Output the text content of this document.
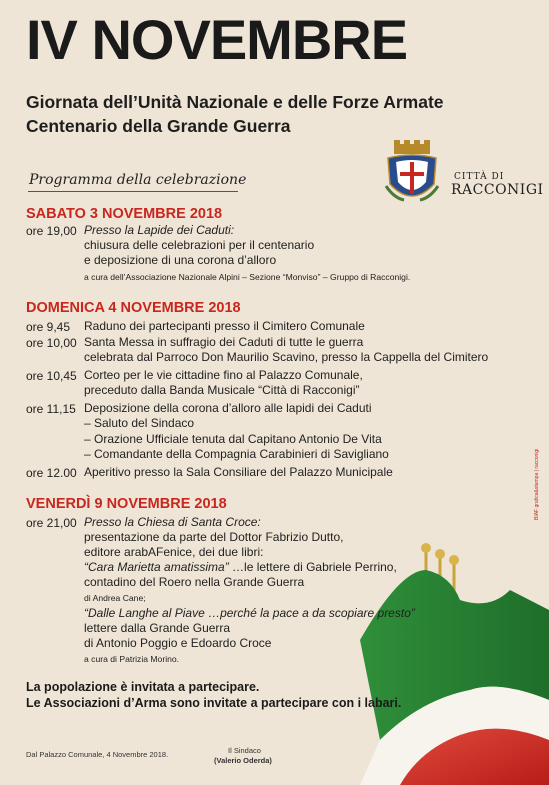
IV NOVEMBRE
Giornata dell’Unità Nazionale e delle Forze Armate
Centenario della Grande Guerra
Programma della celebrazione	CITTÀ DI
RACCONIGI
SABATO 3 NOVEMBRE 2018
ore 19,00 Presso la Lapide dei Caduti:
chiusura delle celebrazioni per il centenario
e deposizione di una corona d’alloro
a cura dell’Associazione Nazionale Alpini – Sezione “Monviso” – Gruppo di Racconigi.
DOMENICA 4 NOVEMBRE 2018
ore 9,45 Raduno dei partecipanti presso il Cimitero Comunale
ore 10,00 Santa Messa in suffragio dei Caduti di tutte le guerra
celebrata dal Parroco Don Maurilio Scavino, presso la Cappella del Cimitero
ore 10,45 Corteo per le vie cittadine fino al Palazzo Comunale,
preceduto dalla Banda Musicale “Città di Racconigi”
ore 11,15 Deposizione della corona d’alloro alle lapidi dei Caduti
– Saluto del Sindaco
– Orazione Ufficiale tenuta dal Capitano Antonio De Vita
– Comandante della Compagnia Carabinieri di Savigliano
ore 12.00 Aperitivo presso la Sala Consiliare del Palazzo Municipale
VENERDÌ 9 NOVEMBRE 2018
ore 21,00 Presso la Chiesa di Santa Croce:
presentazione da parte del Dottor Fabrizio Dutto,
editore arabAFenice, dei due libri:
“Cara Marietta amatissima” …le lettere di Gabriele Perrino,
contadino del Roero nella Grande Guerra
di Andrea Cane;
“Dalle Langhe al Piave …perché la pace a da scopiare presto”
lettere dalla Grande Guerra
di Antonio Poggio e Edoardo Croce
a cura di Patrizia Morino.
La popolazione è invitata a partecipare.
Le Associazioni d’Arma sono invitate a partecipare con i labari.
Dal Palazzo Comunale, 4 Novembre 2018.	Il Sindaco
(Valerio Oderda)
BIAF grafica&stampa | racconigi
